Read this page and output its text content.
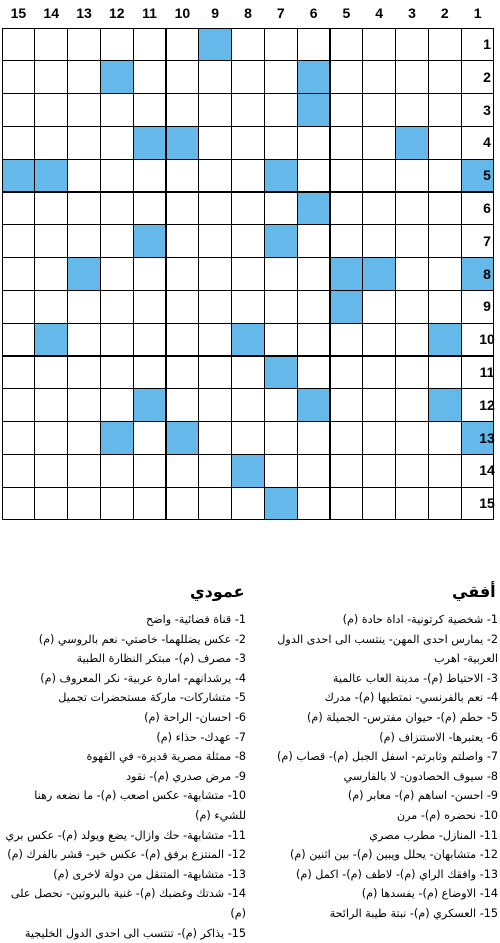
15	14	13	12	11	10	9	8	7	6	5	4	3	2	1
1
2
3
4
5
6
7
8
9
10
11
12
13
14
15
عمودي
1- قناة فضائية- واضح
2- عكس يضللهما- خاصتي- نعم بالروسي (م)
3- مصرف (م)- مبتكر النظارة الطبية
4- يرشدانهم- امارة عربية- نكر المعروف (م)
5- متشاركات- ماركة مستحضرات تجميل
6- احسان- الراحة (م)
7- عهدك- حذاء (م)
8- ممثلة مصرية قديرة- في القهوة
9- مرض صدري (م)- نقود
10- متشابهة- عكس اصعب (م)- ما نضعه رهنا للشيء (م)
11- متشابهة- حك وازال- يضع ويولد (م)- عكس بري
12- المنتزع برفق (م)- عكس خير- قشر بالفرك (م)
13- متشابهة- المتنقل من دولة لاخرى (م)
14- شدتك وغضبك (م)- غنية بالبروتين- نحصل على (م)
15- يذاكر (م)- تنتسب الى احدى الدول الخليجية
أفقي
1- شخصية كرتونية- اداة حادة (م)
2- يمارس احدى المهن- ينتسب الى احدى الدول العربية- اهرب
3- الاحتياط (م)- مدينة العاب عالمية
4- نعم بالفرنسي- نمتطيها (م)- مدرك
5- حطم (م)- حيوان مفترس- الجميلة (م)
6- يعتبرها- الاستنزاف (م)
7- واصلتم وثابرتم- اسفل الجبل (م)- قصاب (م)
8- سيوف الحصادون- لا بالفارسي
9- احسن- اساهم (م)- معابر (م)
10- نحضره (م)- مرن
11- المنازل- مطرب مصري
12- متشابهان- يحلل ويبين (م)- بين اثنين (م)
13- وافقك الراي (م)- لاطف (م)- اكمل (م)
14- الاوضاع (م)- يفسدها (م)
15- العسكري (م)- نبتة طيبة الرائحة
